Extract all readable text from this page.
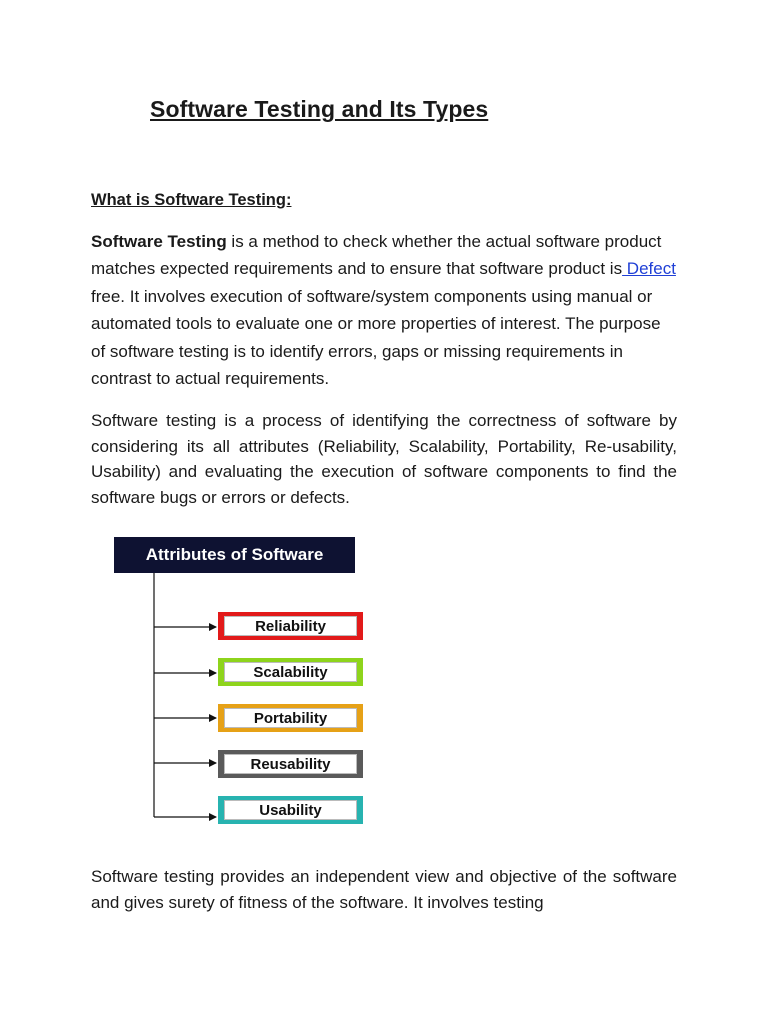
Software Testing and Its Types
What is Software Testing:

Software Testing is a method to check whether the actual software product matches expected requirements and to ensure that software product is Defect free. It involves execution of software/system components using manual or automated tools to evaluate one or more properties of interest. The purpose of software testing is to identify errors, gaps or missing requirements in contrast to actual requirements.

Software testing is a process of identifying the correctness of software by considering its all attributes (Reliability, Scalability, Portability, Re-usability, Usability) and evaluating the execution of software components to find the software bugs or errors or defects.

Attributes of Software
Reliability
Scalability
Portability
Reusability
Usability

Software testing provides an independent view and objective of the software and gives surety of fitness of the software. It involves testing
